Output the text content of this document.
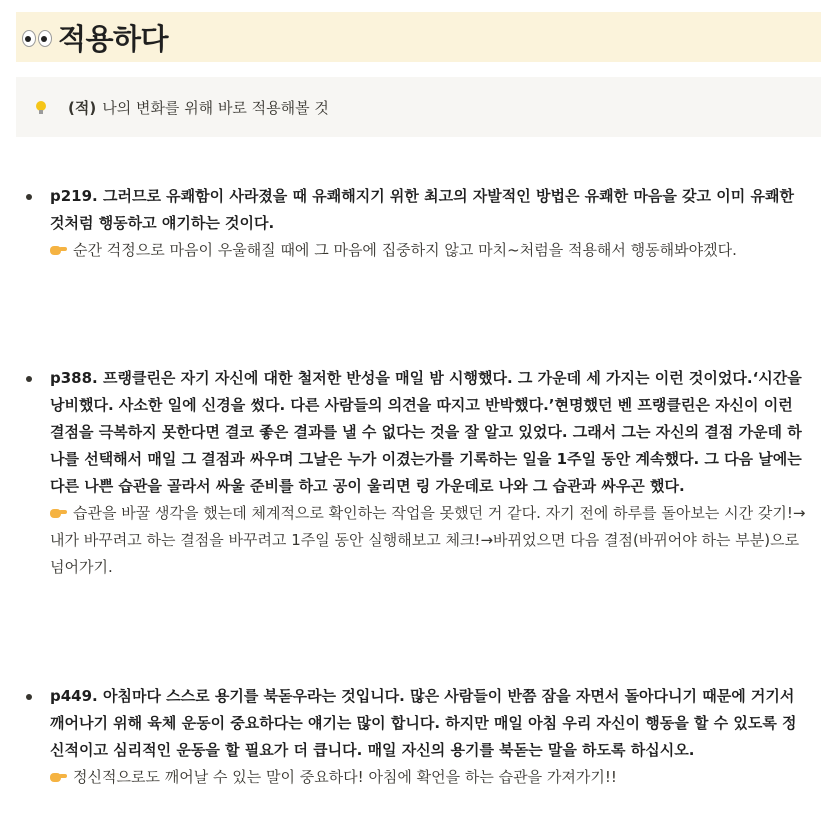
적용하다
(적) 나의 변화를 위해 바로 적용해볼 것
p219. 그러므로 유쾌함이 사라졌을 때 유쾌해지기 위한 최고의 자발적인 방법은 유쾌한 마음을 갖고 이미 유쾌한 것처럼 행동하고 얘기하는 것이다.
순간 걱정으로 마음이 우울해질 때에 그 마음에 집중하지 않고 마치~처럼을 적용해서 행동해봐야겠다.
p388. 프랭클린은 자기 자신에 대한 철저한 반성을 매일 밤 시행했다. 그 가운데 세 가지는 이런 것이었다.‘시간을 낭비했다. 사소한 일에 신경을 썼다. 다른 사람들의 의견을 따지고 반박했다.’현명했던 벤 프랭클린은 자신이 이런 결점을 극복하지 못한다면 결코 좋은 결과를 낼 수 없다는 것을 잘 알고 있었다. 그래서 그는 자신의 결점 가운데 하나를 선택해서 매일 그 결점과 싸우며 그날은 누가 이겼는가를 기록하는 일을 1주일 동안 계속했다. 그 다음 날에는 다른 나쁜 습관을 골라서 싸울 준비를 하고 공이 울리면 링 가운데로 나와 그 습관과 싸우곤 했다.
습관을 바꿀 생각을 했는데 체계적으로 확인하는 작업을 못했던 거 같다. 자기 전에 하루를 돌아보는 시간 갖기!→내가 바꾸려고 하는 결점을 바꾸려고 1주일 동안 실행해보고 체크!→바뀌었으면 다음 결점(바뀌어야 하는 부분)으로 넘어가기.
p449. 아침마다 스스로 용기를 북돋우라는 것입니다. 많은 사람들이 반쯤 잠을 자면서 돌아다니기 때문에 거기서 깨어나기 위해 육체 운동이 중요하다는 얘기는 많이 합니다. 하지만 매일 아침 우리 자신이 행동을 할 수 있도록 정신적이고 심리적인 운동을 할 필요가 더 큽니다. 매일 자신의 용기를 북돋는 말을 하도록 하십시오.
정신적으로도 깨어날 수 있는 말이 중요하다! 아침에 확언을 하는 습관을 가져가기!!
